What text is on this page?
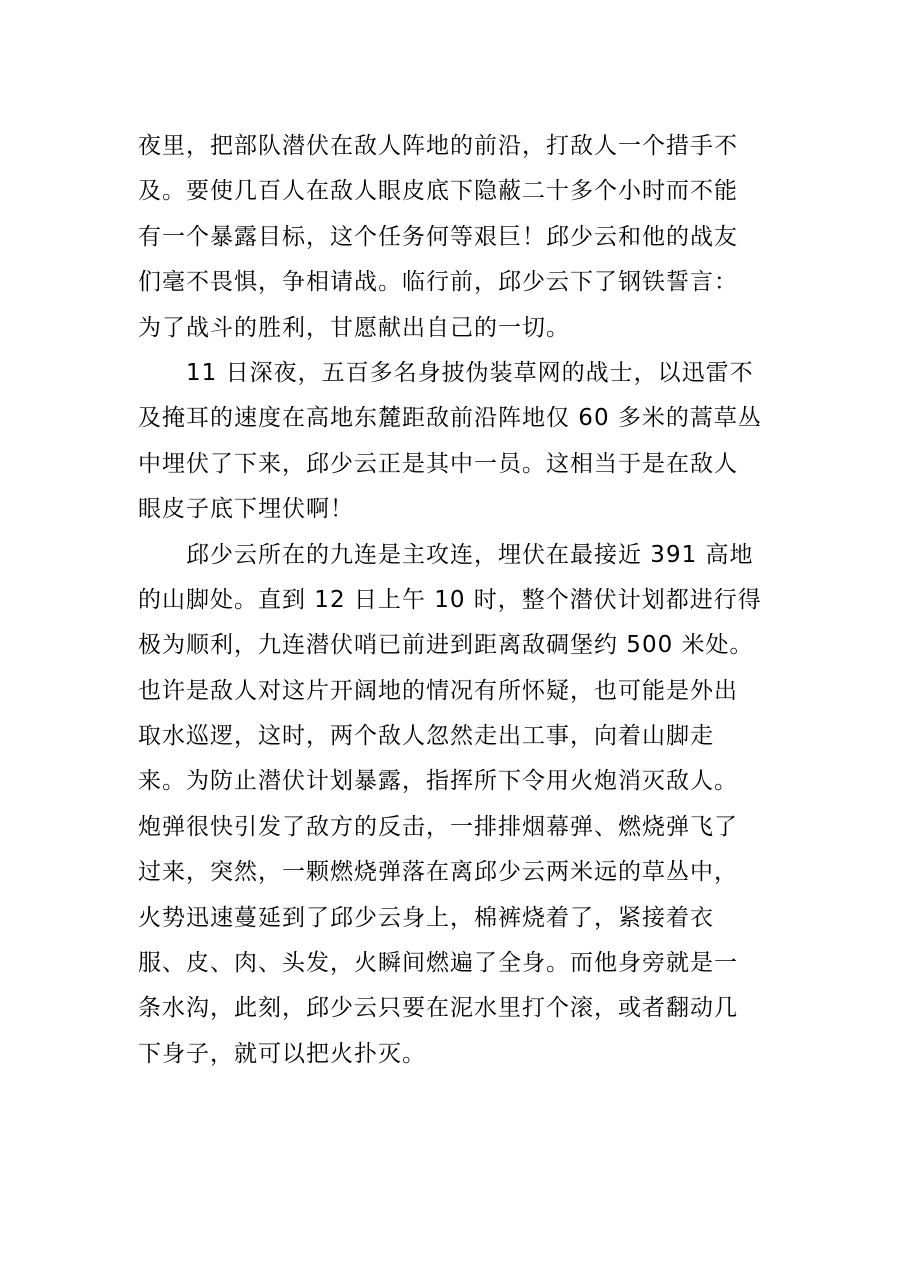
夜里，把部队潜伏在敌人阵地的前沿，打敌人一个措手不
及。要使几百人在敌人眼皮底下隐蔽二十多个小时而不能
有一个暴露目标，这个任务何等艰巨！邱少云和他的战友
们毫不畏惧，争相请战。临行前，邱少云下了钢铁誓言：
为了战斗的胜利，甘愿献出自己的一切。
11 日深夜，五百多名身披伪装草网的战士，以迅雷不
及掩耳的速度在高地东麓距敌前沿阵地仅 60 多米的蒿草丛
中埋伏了下来，邱少云正是其中一员。这相当于是在敌人
眼皮子底下埋伏啊！
邱少云所在的九连是主攻连，埋伏在最接近 391 高地
的山脚处。直到 12 日上午 10 时，整个潜伏计划都进行得
极为顺利，九连潜伏哨已前进到距离敌碉堡约 500 米处。
也许是敌人对这片开阔地的情况有所怀疑，也可能是外出
取水巡逻，这时，两个敌人忽然走出工事，向着山脚走
来。为防止潜伏计划暴露，指挥所下令用火炮消灭敌人。
炮弹很快引发了敌方的反击，一排排烟幕弹、燃烧弹飞了
过来，突然，一颗燃烧弹落在离邱少云两米远的草丛中，
火势迅速蔓延到了邱少云身上，棉裤烧着了，紧接着衣
服、皮、肉、头发，火瞬间燃遍了全身。而他身旁就是一
条水沟，此刻，邱少云只要在泥水里打个滚，或者翻动几
下身子，就可以把火扑灭。
